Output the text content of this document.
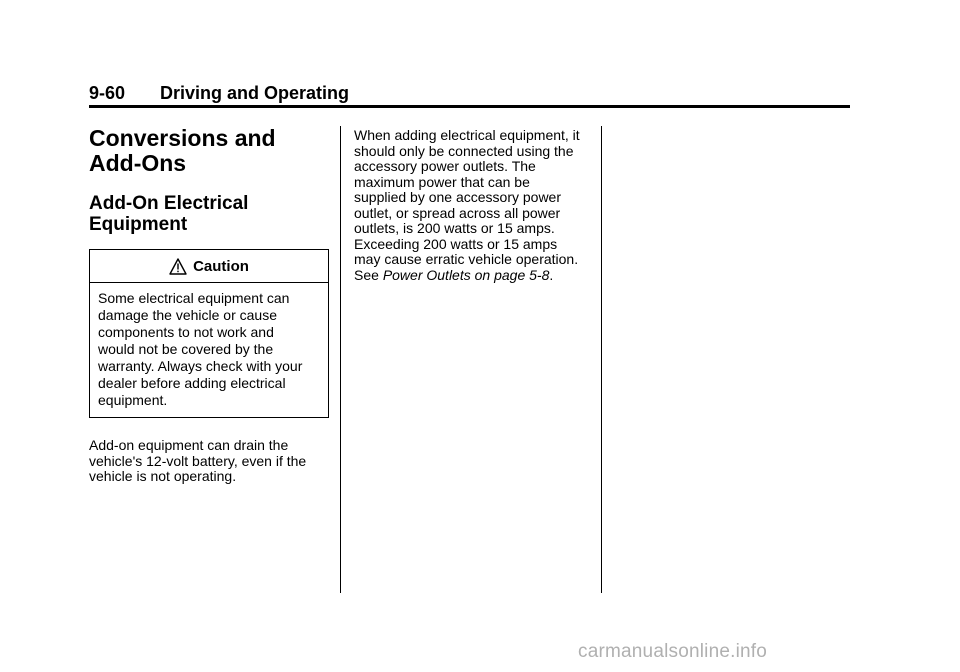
9-60 Driving and Operating
Conversions and
Add-Ons
Add-On Electrical
Equipment
Caution
Some electrical equipment can
damage the vehicle or cause
components to not work and
would not be covered by the
warranty. Always check with your
dealer before adding electrical
equipment.
Add-on equipment can drain the
vehicle's 12-volt battery, even if the
vehicle is not operating.
When adding electrical equipment, it
should only be connected using the
accessory power outlets. The
maximum power that can be
supplied by one accessory power
outlet, or spread across all power
outlets, is 200 watts or 15 amps.
Exceeding 200 watts or 15 amps
may cause erratic vehicle operation.
See Power Outlets on page 5-8.
carmanualsonline.info
